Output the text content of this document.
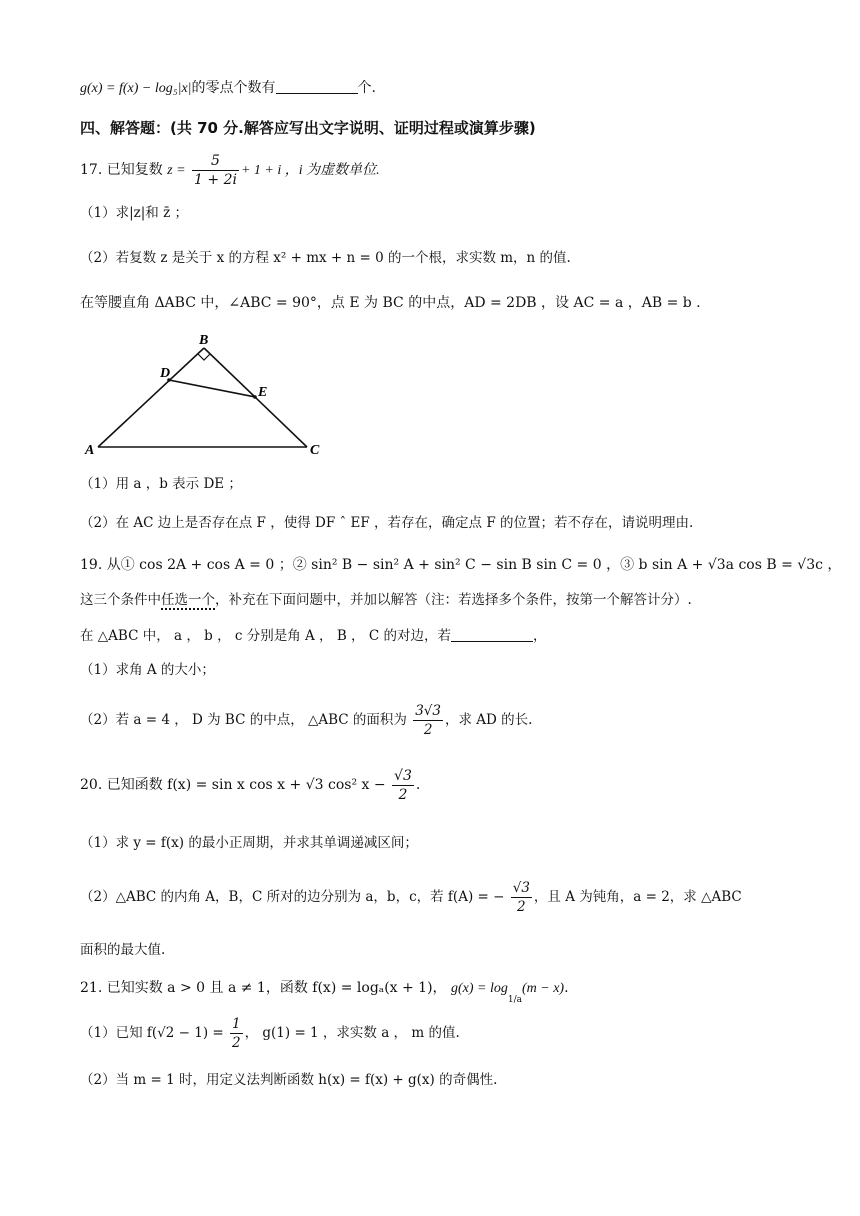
g(x) = f(x) − log₅|x|的零点个数有	个.
四、解答题：(共 70 分.解答应写出文字说明、证明过程或演算步骤)
17. 已知复数 $z = \frac{5}{1 + 2i} + 1 + i$ ，i 为虚数单位.
（1）求|z|和 z̄ ；
（2）若复数 z 是关于 x 的方程 x² + mx + n = 0 的一个根，求实数 m，n 的值.
在等腰直角 ΔABC 中，∠ABC = 90°，点 E 为 BC 的中点，AD = 2DB ，设 AC = a ，AB = b .
B
D
E
A	C
（1）用 a ，b 表示 DE ；
（2）在 AC 边上是否存在点 F ，使得 DF ˆ EF ，若存在，确定点 F 的位置；若不存在，请说明理由.
19. 从① cos 2A + cos A = 0 ；② sin² B − sin² A + sin² C − sin B sin C = 0 ，③ b sin A + √3a cos B = √3c ，
这三个条件中任选一个，补充在下面问题中，并加以解答（注：若选择多个条件，按第一个解答计分）.
在 △ABC 中， a ， b ， c 分别是角 A ， B ， C 的对边，若	，
（1）求角 A 的大小；
（2）若 a = 4 ， D 为 BC 的中点， △ABC 的面积为 $\frac{3√3}{2}$ ，求 AD 的长.
20. 已知函数 f(x) = sin x cos x + √3 cos² $x - \frac{√3}{2}$ .
（1）求 y = f(x) 的最小正周期，并求其单调递减区间；
（2）△ABC 的内角 A，B，C 所对的边分别为 a，b，c，若 f(A) = − $\frac{√3}{2}$ ，且 A 为钝角，a = 2，求 △ABC
面积的最大值.
21. 已知实数 a > 0 且 a ≠ 1，函数 f(x) = logₐ(x + 1)， $g(x) = \log_{1/a}(m - x)$.
（1）已知 $f(√2 - 1) = \frac{1}{2}$ ， g(1) = 1 ，求实数 a ， m 的值.
（2）当 m = 1 时，用定义法判断函数 h(x) = f(x) + g(x) 的奇偶性.
